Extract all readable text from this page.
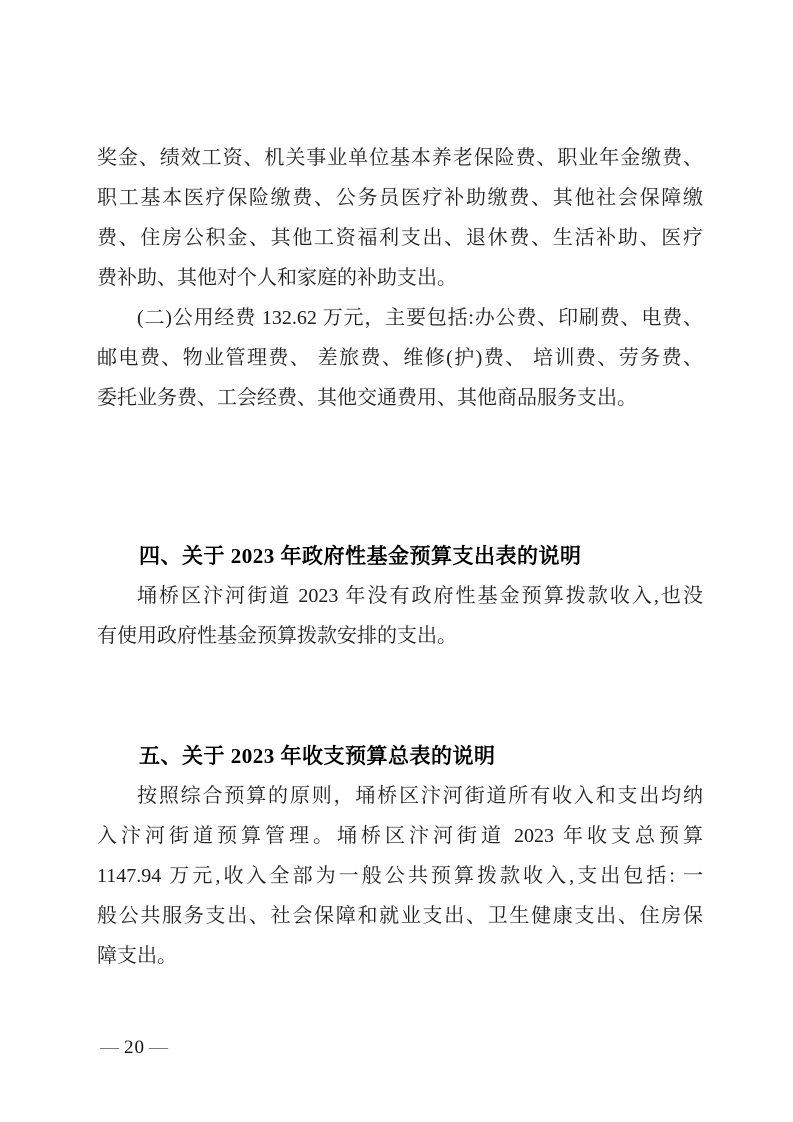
奖金、绩效工资、机关事业单位基本养老保险费、职业年金缴费、

职工基本医疗保险缴费、公务员医疗补助缴费、其他社会保障缴

费、住房公积金、其他工资福利支出、退休费、生活补助、医疗

费补助、其他对个人和家庭的补助支出。

(二)公用经费 132.62 万元，主要包括:办公费、印刷费、电费、

邮电费、物业管理费、 差旅费、维修(护)费、 培训费、劳务费、

委托业务费、工会经费、其他交通费用、其他商品服务支出。

四、关于 2023 年政府性基金预算支出表的说明

埇桥区汴河街道 2023 年没有政府性基金预算拨款收入,也没

有使用政府性基金预算拨款安排的支出。

五、关于 2023 年收支预算总表的说明

按照综合预算的原则，埇桥区汴河街道所有收入和支出均纳

入汴河街道预算管理。埇桥区汴河街道 2023 年收支总预算

1147.94 万元,收入全部为一般公共预算拨款收入,支出包括: 一

般公共服务支出、社会保障和就业支出、卫生健康支出、住房保

障支出。

— 20 —
